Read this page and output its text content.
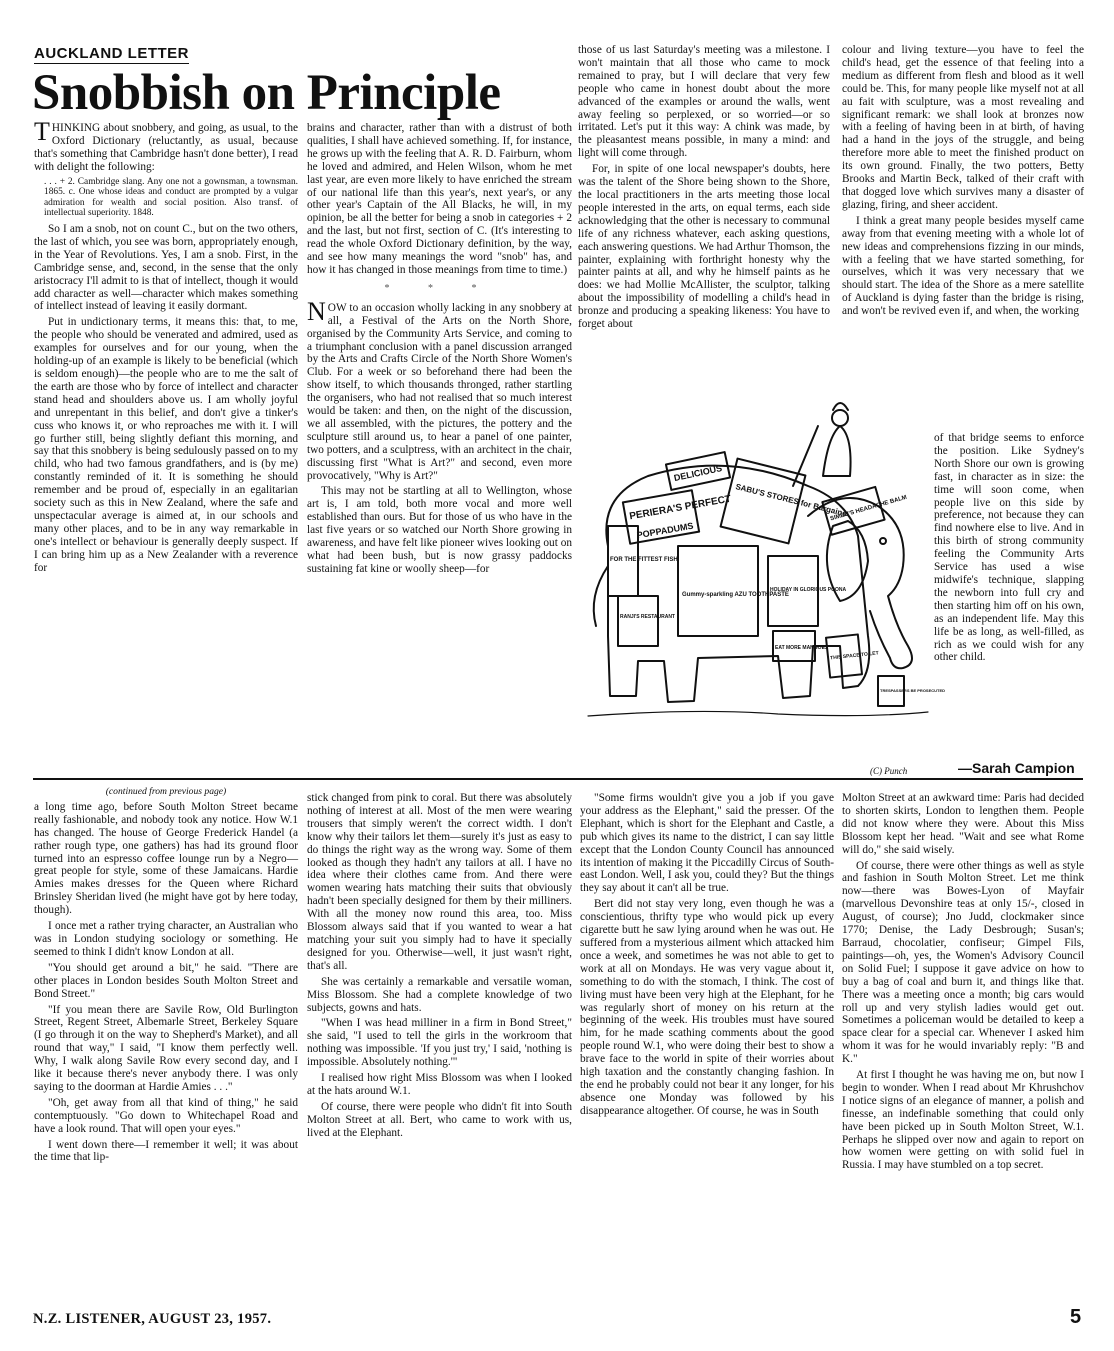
AUCKLAND LETTER
Snobbish on Principle

THINKING about snobbery, and going, as usual, to the Oxford Dictionary (reluctantly, as usual, because that's something that Cambridge hasn't done better), I read with delight the following:

. . . + 2. Cambridge slang. Any one not a gownsman, a townsman. 1865. c. One whose ideas and conduct are prompted by a vulgar admiration for wealth and social position. Also transf. of intellectual superiority. 1848.

So I am a snob, not on count C., but on the two others, the last of which, you see was born, appropriately enough, in the Year of Revolutions. Yes, I am a snob. First, in the Cambridge sense, and, second, in the sense that the only aristocracy I'll admit to is that of intellect, though it would add character as well—character which makes something of intellect instead of leaving it easily dormant.

Put in undictionary terms, it means this: that, to me, the people who should be venerated and admired, used as examples for ourselves and for our young, when the holding-up of an example is likely to be beneficial (which is seldom enough)—the people who are to me the salt of the earth are those who by force of intellect and character stand head and shoulders above us. I am wholly joyful and unrepentant in this belief, and don't give a tinker's cuss who knows it, or who reproaches me with it. I will go further still, being slightly defiant this morning, and say that this snobbery is being sedulously passed on to my child, who had two famous grandfathers, and is (by me) constantly reminded of it. It is something he should remember and be proud of, especially in an egalitarian society such as this in New Zealand, where the safe and unspectacular average is aimed at, in our schools and many other places, and to be in any way remarkable in one's intellect or behaviour is generally deeply suspect. If I can bring him up as a New Zealander with a reverence for

brains and character, rather than with a distrust of both qualities, I shall have achieved something. If, for instance, he grows up with the feeling that A. R. D. Fairburn, whom he loved and admired, and Helen Wilson, whom he met last year, are even more likely to have enriched the stream of our national life than this year's, next year's, or any other year's Captain of the All Blacks, he will, in my opinion, be all the better for being a snob in categories + 2 and the last, but not first, section of C. (It's interesting to read the whole Oxford Dictionary definition, by the way, and see how many meanings the word "snob" has, and how it has changed in those meanings from time to time.)

* * *

NOW to an occasion wholly lacking in any snobbery at all, a Festival of the Arts on the North Shore, organised by the Community Arts Service, and coming to a triumphant conclusion with a panel discussion arranged by the Arts and Crafts Circle of the North Shore Women's Club. For a week or so beforehand there had been the show itself, to which thousands thronged, rather startling the organisers, who had not realised that so much interest would be taken: and then, on the night of the discussion, we all assembled, with the pictures, the pottery and the sculpture still around us, to hear a panel of one painter, two potters, and a sculptress, with an architect in the chair, discussing first "What is Art?" and second, even more provocatively, "Why is Art?"

This may not be startling at all to Wellington, whose art is, I am told, both more vocal and more well established than ours. But for those of us who have in the last five years or so watched our North Shore growing in awareness, and have felt like pioneer wives looking out on what had been bush, but is now grassy paddocks sustaining fat kine or woolly sheep—for

those of us last Saturday's meeting was a milestone. I won't maintain that all those who came to mock remained to pray, but I will declare that very few people who came in honest doubt about the more advanced of the examples or around the walls, went away feeling so perplexed, or so worried—or so irritated. Let's put it this way: A chink was made, by the pleasantest means possible, in many a mind: and light will come through.

For, in spite of one local newspaper's doubts, here was the talent of the Shore being shown to the Shore, the local practitioners in the arts meeting those local people interested in the arts, on equal terms, each side acknowledging that the other is necessary to communal life of any richness whatever, each asking questions, each answering questions. We had Arthur Thomson, the painter, explaining with forthright honesty why the painter paints at all, and why he himself paints as he does: we had Mollie McAllister, the sculptor, talking about the impossibility of modelling a child's head in bronze and producing a speaking likeness: You have to forget about

colour and living texture—you have to feel the child's head, get the essence of that feeling into a medium as different from flesh and blood as it well could be. This, for many people like myself not at all au fait with sculpture, was a most revealing and significant remark: we shall look at bronzes now with a feeling of having been in at birth, of having had a hand in the joys of the struggle, and being therefore more able to meet the finished product on its own ground. Finally, the two potters, Betty Brooks and Martin Beck, talked of their craft with that dogged love which survives many a disaster of glazing, firing, and sheer accident.

I think a great many people besides myself came away from that evening meeting with a whole lot of new ideas and comprehensions fizzing in our minds, with a feeling that we have started something, for ourselves, which it was very necessary that we should start. The idea of the Shore as a mere satellite of Auckland is dying faster than the bridge is rising, and won't be revived even if, and when, the working

of that bridge seems to enforce the position. Like Sydney's North Shore our own is growing fast, in character as in size: the time will soon come, when people live on this side by preference, not because they can find nowhere else to live. And in this birth of strong community feeling the Community Arts Service has used a wise midwife's technique, slapping the newborn into full cry and then starting him off on his own, as an independent life. May this life be as long, as well-filled, as rich as we could wish for any other child.

DELICIOUS
PERIERA'S PERFECT
POPPADUMS
SABU'S STORES for Bargains
SIMBU'S HEADACHE BALM
FOR THE FITTEST FISH
RANJI'S RESTAURANT
Gummy-sparkling AZU TOOTHPASTE
HOLIDAY IN GLORIOUS POONA
EAT MORE MANGOES
THIS SPACE TO LET
TRESPASSERS BE PROSECUTED
(C) Punch	—Sarah Campion

(continued from previous page)

a long time ago, before South Molton Street became really fashionable, and nobody took any notice. How W.1 has changed. The house of George Frederick Handel (a rather rough type, one gathers) has had its ground floor turned into an espresso coffee lounge run by a Negro—great people for style, some of these Jamaicans. Hardie Amies makes dresses for the Queen where Richard Brinsley Sheridan lived (he might have got by here today, though).

I once met a rather trying character, an Australian who was in London studying sociology or something. He seemed to think I didn't know London at all.

"You should get around a bit," he said. "There are other places in London besides South Molton Street and Bond Street."

"If you mean there are Savile Row, Old Burlington Street, Regent Street, Albemarle Street, Berkeley Square (I go through it on the way to Shepherd's Market), and all round that way," I said, "I know them perfectly well. Why, I walk along Savile Row every second day, and I like it because there's never anybody there. I was only saying to the doorman at Hardie Amies . . ."

"Oh, get away from all that kind of thing," he said contemptuously. "Go down to Whitechapel Road and have a look round. That will open your eyes."

I went down there—I remember it well; it was about the time that lip-

stick changed from pink to coral. But there was absolutely nothing of interest at all. Most of the men were wearing trousers that simply weren't the correct width. I don't know why their tailors let them—surely it's just as easy to do things the right way as the wrong way. Some of them looked as though they hadn't any tailors at all. I have no idea where their clothes came from. And there were women wearing hats matching their suits that obviously hadn't been specially designed for them by their milliners. With all the money now round this area, too. Miss Blossom always said that if you wanted to wear a hat matching your suit you simply had to have it specially designed for you. Otherwise—well, it just wasn't right, that's all.

She was certainly a remarkable and versatile woman, Miss Blossom. She had a complete knowledge of two subjects, gowns and hats.

"When I was head milliner in a firm in Bond Street," she said, "I used to tell the girls in the workroom that nothing was impossible. 'If you just try,' I said, 'nothing is impossible. Absolutely nothing.'"

I realised how right Miss Blossom was when I looked at the hats around W.1.

Of course, there were people who didn't fit into South Molton Street at all. Bert, who came to work with us, lived at the Elephant.

"Some firms wouldn't give you a job if you gave your address as the Elephant," said the presser. Of the Elephant, which is short for the Elephant and Castle, a pub which gives its name to the district, I can say little except that the London County Council has announced its intention of making it the Piccadilly Circus of South-east London. Well, I ask you, could they? But the things they say about it can't all be true.

Bert did not stay very long, even though he was a conscientious, thrifty type who would pick up every cigarette butt he saw lying around when he was out. He suffered from a mysterious ailment which attacked him once a week, and sometimes he was not able to get to work at all on Mondays. He was very vague about it, something to do with the stomach, I think. The cost of living must have been very high at the Elephant, for he was regularly short of money on his return at the beginning of the week. His troubles must have soured him, for he made scathing comments about the good people round W.1, who were doing their best to show a brave face to the world in spite of their worries about high taxation and the constantly changing fashion. In the end he probably could not bear it any longer, for his absence one Monday was followed by his disappearance altogether. Of course, he was in South

Molton Street at an awkward time: Paris had decided to shorten skirts, London to lengthen them. People did not know where they were. About this Miss Blossom kept her head. "Wait and see what Rome will do," she said wisely.

Of course, there were other things as well as style and fashion in South Molton Street. Let me think now—there was Bowes-Lyon of Mayfair (marvellous Devonshire teas at only 15/-, closed in August, of course); Jno Judd, clockmaker since 1770; Denise, the Lady Desbrough; Susan's; Barraud, chocolatier, confiseur; Gimpel Fils, paintings—oh, yes, the Women's Advisory Council on Solid Fuel; I suppose it gave advice on how to buy a bag of coal and burn it, and things like that. There was a meeting once a month; big cars would roll up and very stylish ladies would get out. Sometimes a policeman would be detailed to keep a space clear for a special car. Whenever I asked him whom it was for he would invariably reply: "B and K."

At first I thought he was having me on, but now I begin to wonder. When I read about Mr Khrushchov I notice signs of an elegance of manner, a polish and finesse, an indefinable something that could only have been picked up in South Molton Street, W.1. Perhaps he slipped over now and again to report on how women were getting on with solid fuel in Russia. I may have stumbled on a top secret.

N.Z. LISTENER, AUGUST 23, 1957.	5
